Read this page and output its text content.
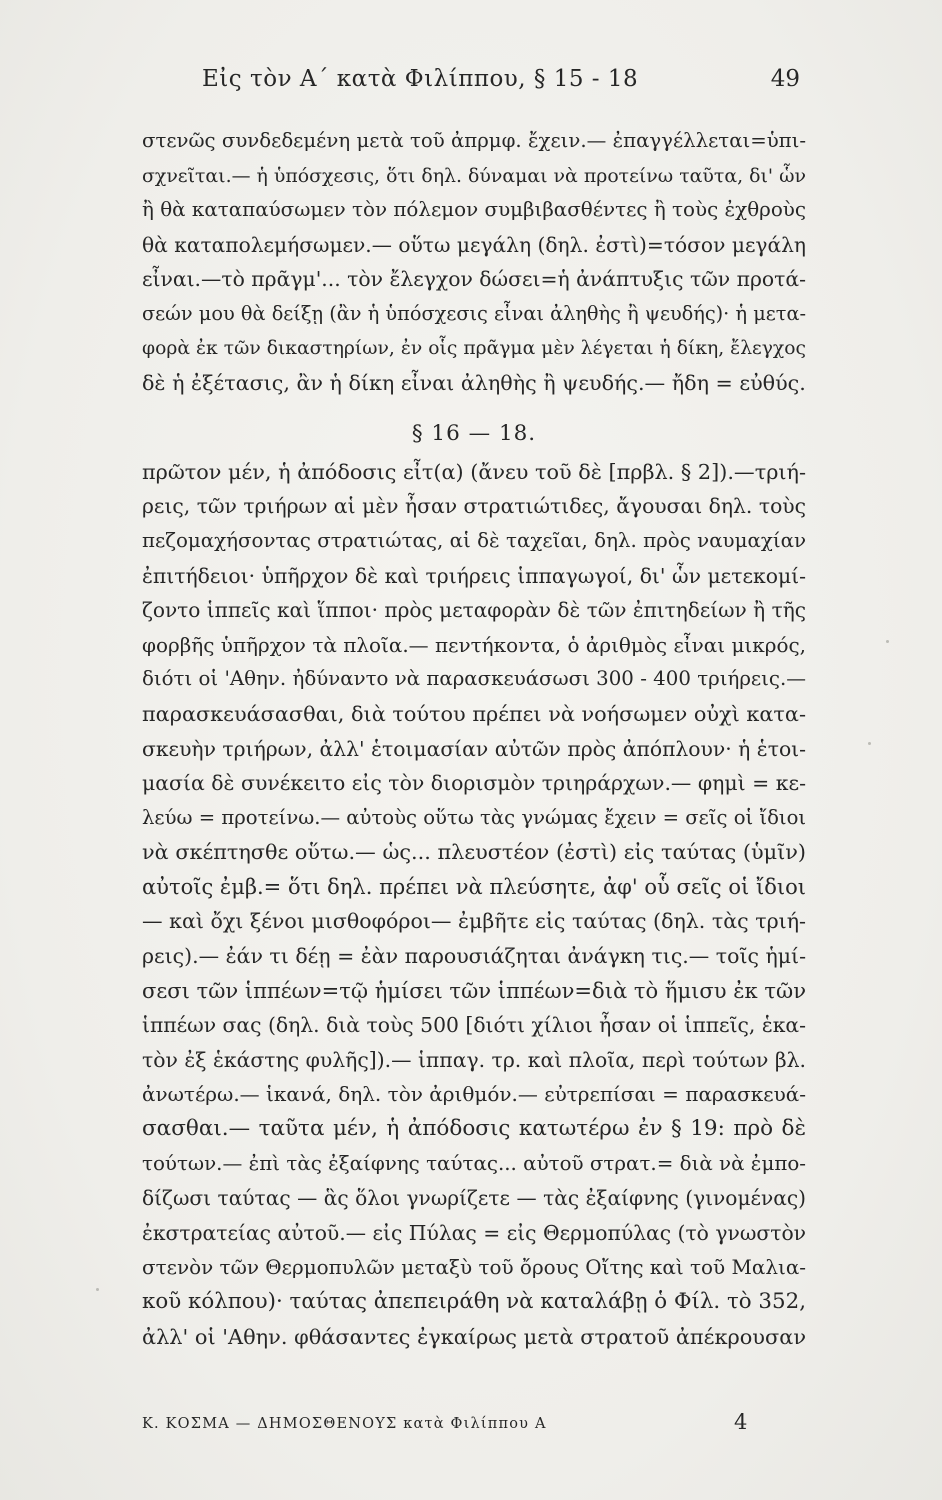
Εἰς τὸν Α΄ κατὰ Φιλίππου, § 15 - 18	49
στενῶς συνδεδεμένη μετὰ τοῦ ἀπρμφ. ἔχειν.— ἐπαγγέλλεται=ὑπι-
σχνεῖται.— ἡ ὑπόσχεσις, ὅτι δηλ. δύναμαι νὰ προτείνω ταῦτα, δι' ὧν
ἢ θὰ καταπαύσωμεν τὸν πόλεμον συμβιβασθέντες ἢ τοὺς ἐχθροὺς
θὰ καταπολεμήσωμεν.— οὕτω μεγάλη (δηλ. ἐστὶ)=τόσον μεγάλη
εἶναι.—τὸ πρᾶγμ'... τὸν ἔλεγχον δώσει=ἡ ἀνάπτυξις τῶν προτά-
σεών μου θὰ δείξῃ (ἂν ἡ ὑπόσχεσις εἶναι ἀληθὴς ἢ ψευδής)· ἡ μετα-
φορὰ ἐκ τῶν δικαστηρίων, ἐν οἷς πρᾶγμα μὲν λέγεται ἡ δίκη, ἔλεγχος
δὲ ἡ ἐξέτασις, ἂν ἡ δίκη εἶναι ἀληθὴς ἢ ψευδής.— ἤδη = εὐθύς.
§ 16 — 18.
πρῶτον μέν, ἡ ἀπόδοσις εἶτ(α) (ἄνευ τοῦ δὲ [πρβλ. § 2]).—τριή-
ρεις, τῶν τριήρων αἱ μὲν ἦσαν στρατιώτιδες, ἄγουσαι δηλ. τοὺς
πεζομαχήσοντας στρατιώτας, αἱ δὲ ταχεῖαι, δηλ. πρὸς ναυμαχίαν
ἐπιτήδειοι· ὑπῆρχον δὲ καὶ τριήρεις ἱππαγωγοί, δι' ὧν μετεκομί-
ζοντο ἱππεῖς καὶ ἵπποι· πρὸς μεταφορὰν δὲ τῶν ἐπιτηδείων ἢ τῆς
φορβῆς ὑπῆρχον τὰ πλοῖα.— πεντήκοντα, ὁ ἀριθμὸς εἶναι μικρός,
διότι οἱ 'Αθην. ἠδύναντο νὰ παρασκευάσωσι 300 - 400 τριήρεις.—
παρασκευάσασθαι, διὰ τούτου πρέπει νὰ νοήσωμεν οὐχὶ κατα-
σκευὴν τριήρων, ἀλλ' ἑτοιμασίαν αὐτῶν πρὸς ἀπόπλουν· ἡ ἑτοι-
μασία δὲ συνέκειτο εἰς τὸν διορισμὸν τριηράρχων.— φημὶ = κε-
λεύω = προτείνω.— αὐτοὺς οὕτω τὰς γνώμας ἔχειν = σεῖς οἱ ἴδιοι
νὰ σκέπτησθε οὕτω.— ὡς... πλευστέον (ἐστὶ) εἰς ταύτας (ὑμῖν)
αὐτοῖς ἐμβ.= ὅτι δηλ. πρέπει νὰ πλεύσητε, ἀφ' οὗ σεῖς οἱ ἴδιοι
— καὶ ὄχι ξένοι μισθοφόροι— ἐμβῆτε εἰς ταύτας (δηλ. τὰς τριή-
ρεις).— ἐάν τι δέῃ = ἐὰν παρουσιάζηται ἀνάγκη τις.— τοῖς ἡμί-
σεσι τῶν ἱππέων=τῷ ἡμίσει τῶν ἱππέων=διὰ τὸ ἥμισυ ἐκ τῶν
ἱππέων σας (δηλ. διὰ τοὺς 500 [διότι χίλιοι ἦσαν οἱ ἱππεῖς, ἑκα-
τὸν ἐξ ἑκάστης φυλῆς]).— ἱππαγ. τρ. καὶ πλοῖα, περὶ τούτων βλ.
ἀνωτέρω.— ἱκανά, δηλ. τὸν ἀριθμόν.— εὐτρεπίσαι = παρασκευά-
σασθαι.— ταῦτα μέν, ἡ ἀπόδοσις κατωτέρω ἐν § 19: πρὸ δὲ
τούτων.— ἐπὶ τὰς ἐξαίφνης ταύτας... αὐτοῦ στρατ.= διὰ νὰ ἐμπο-
δίζωσι ταύτας — ἃς ὅλοι γνωρίζετε — τὰς ἐξαίφνης (γινομένας)
ἐκστρατείας αὐτοῦ.— εἰς Πύλας = εἰς Θερμοπύλας (τὸ γνωστὸν
στενὸν τῶν Θερμοπυλῶν μεταξὺ τοῦ ὄρους Οἴτης καὶ τοῦ Μαλια-
κοῦ κόλπου)· ταύτας ἀπεπειράθη νὰ καταλάβῃ ὁ Φίλ. τὸ 352,
ἀλλ' οἱ 'Αθην. φθάσαντες ἐγκαίρως μετὰ στρατοῦ ἀπέκρουσαν
Κ. ΚΟΣΜΑ — ΔΗΜΟΣΘΕΝΟΥΣ κατὰ Φιλίππου Α	4
